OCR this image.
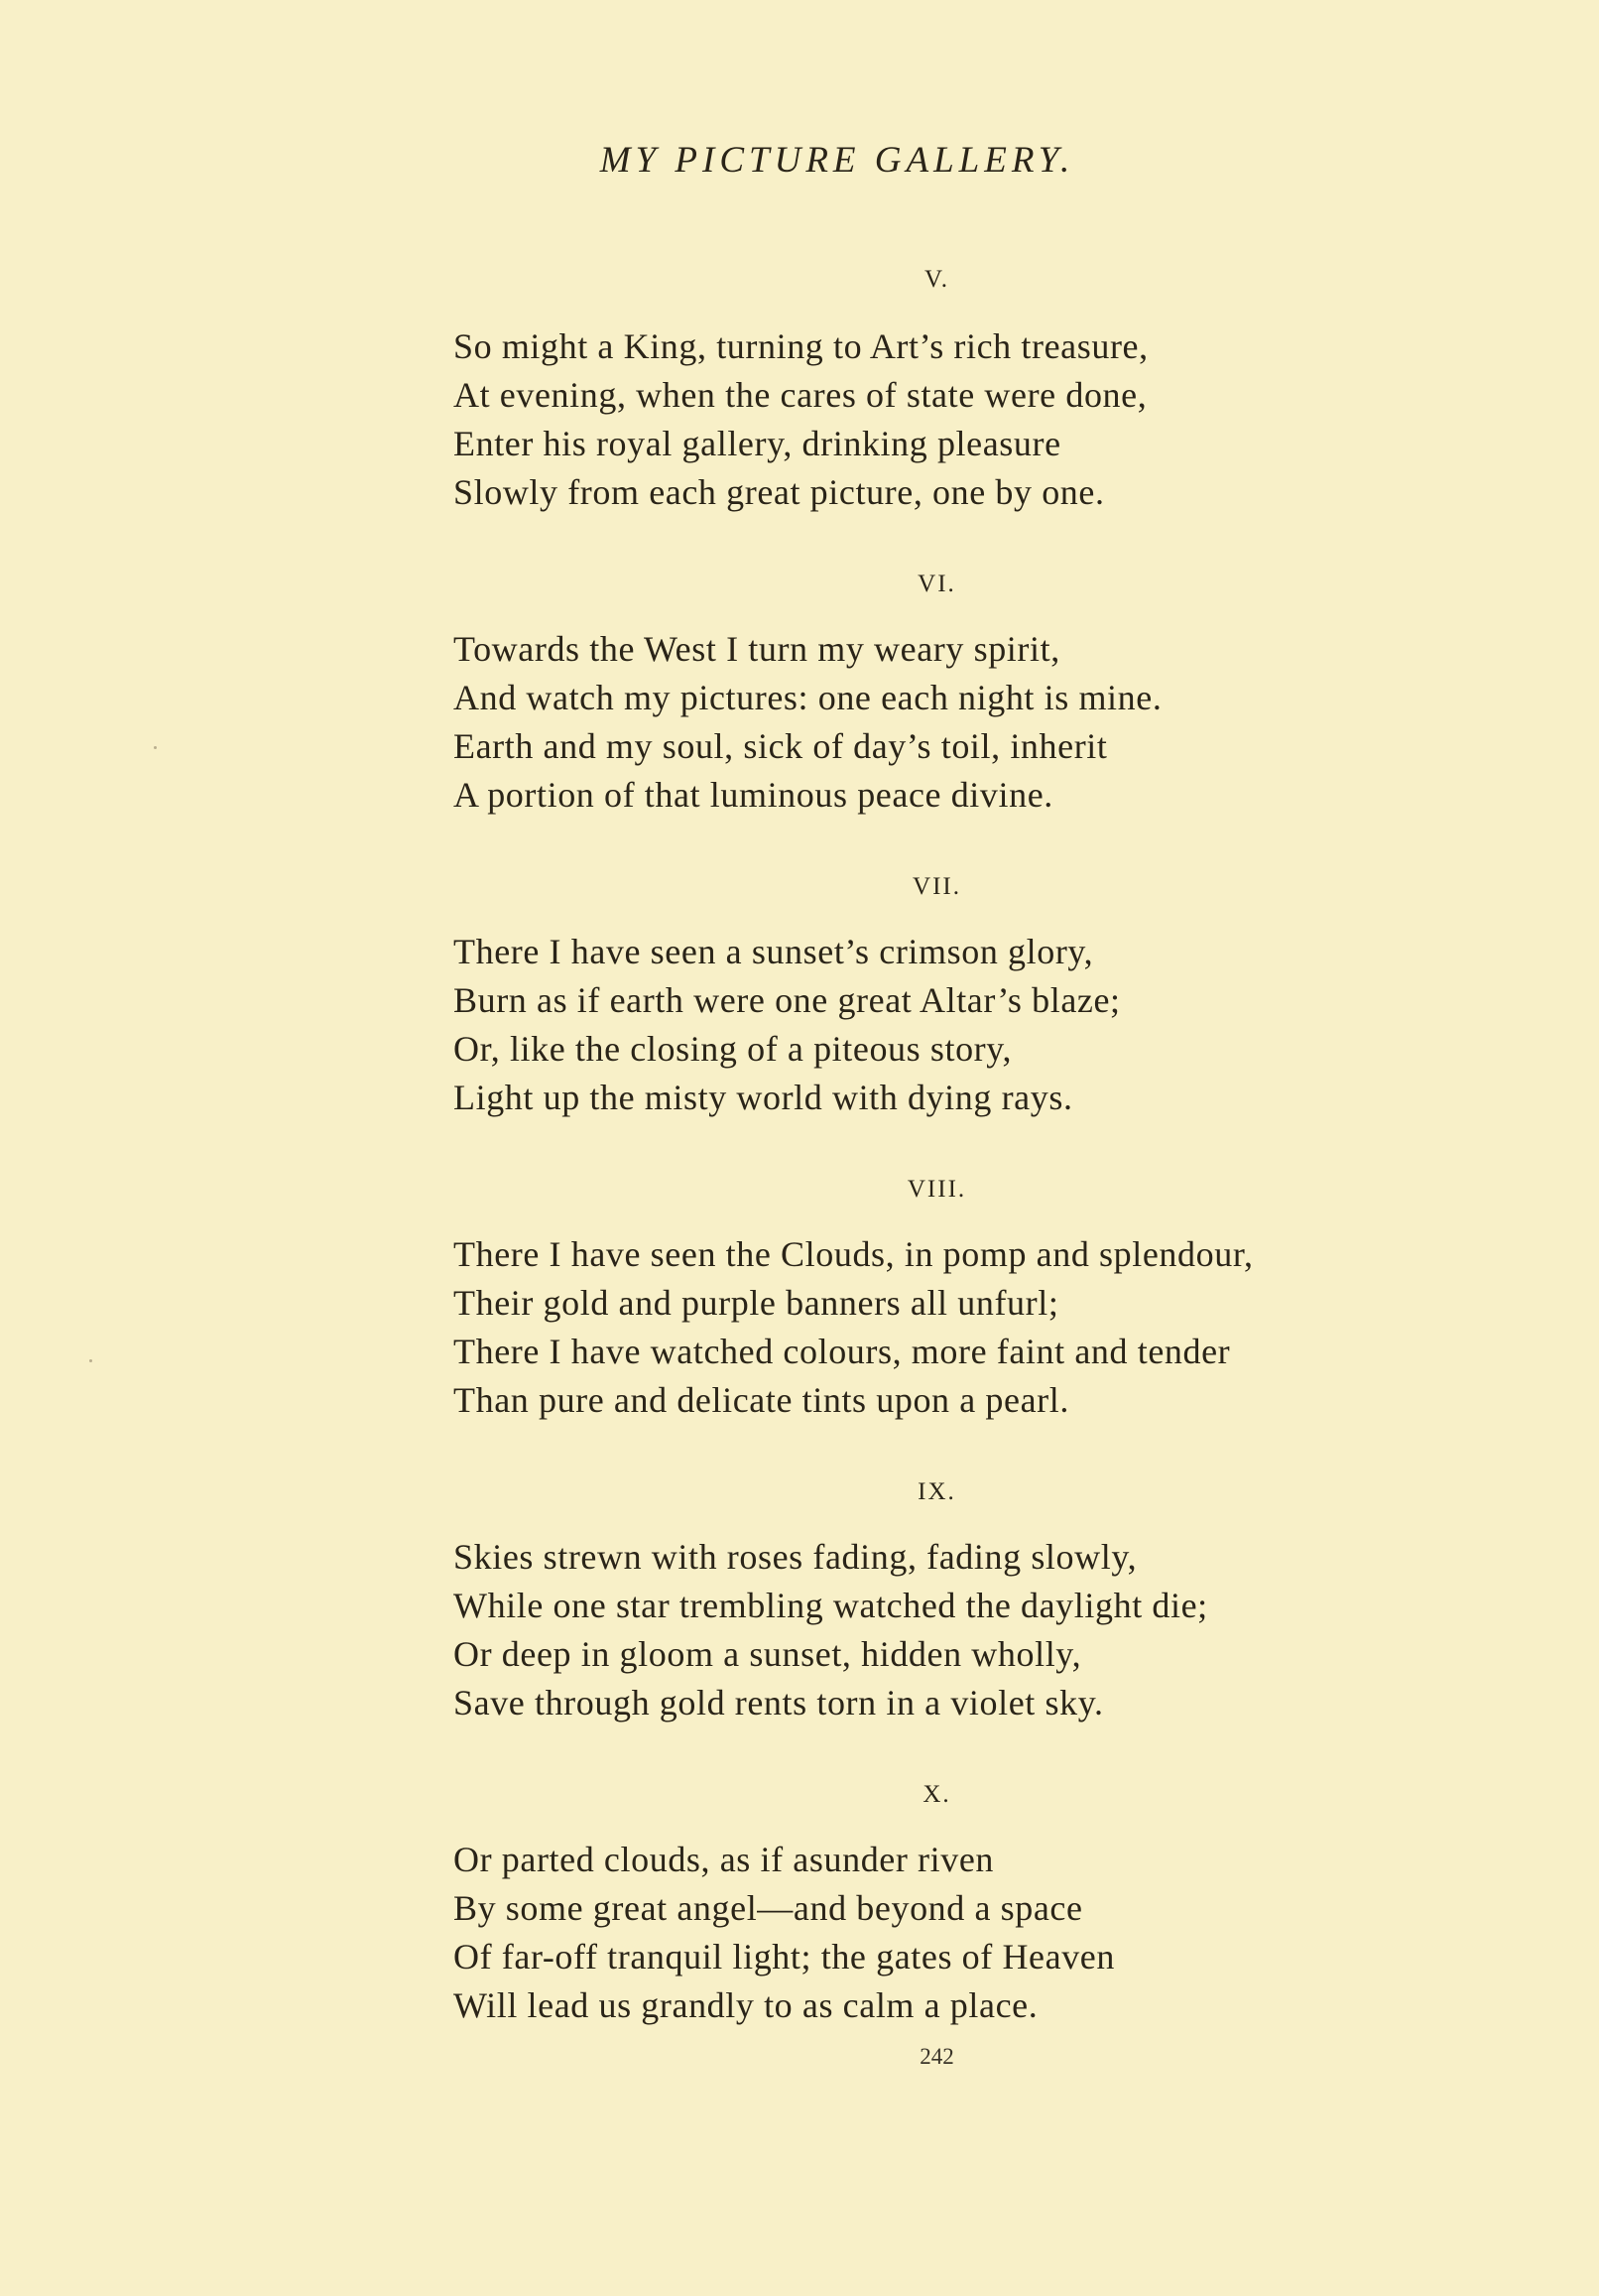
MY PICTURE GALLERY.
V.
So might a King, turning to Art’s rich treasure,
At evening, when the cares of state were done,
Enter his royal gallery, drinking pleasure
Slowly from each great picture, one by one.
VI.
Towards the West I turn my weary spirit,
And watch my pictures: one each night is mine.
Earth and my soul, sick of day’s toil, inherit
A portion of that luminous peace divine.
VII.
There I have seen a sunset’s crimson glory,
Burn as if earth were one great Altar’s blaze;
Or, like the closing of a piteous story,
Light up the misty world with dying rays.
VIII.
There I have seen the Clouds, in pomp and splendour,
Their gold and purple banners all unfurl;
There I have watched colours, more faint and tender
Than pure and delicate tints upon a pearl.
IX.
Skies strewn with roses fading, fading slowly,
While one star trembling watched the daylight die;
Or deep in gloom a sunset, hidden wholly,
Save through gold rents torn in a violet sky.
X.
Or parted clouds, as if asunder riven
By some great angel—and beyond a space
Of far-off tranquil light; the gates of Heaven
Will lead us grandly to as calm a place.
242
